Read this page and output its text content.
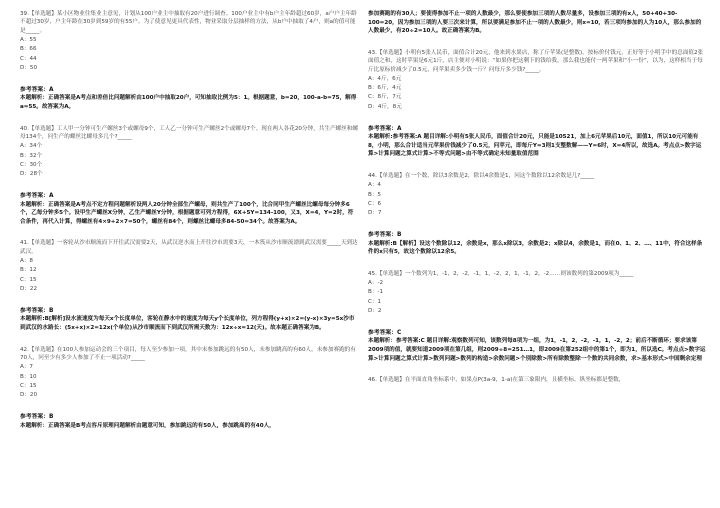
39.【单选题】某小区物业往集业主意见，计划从100户业主中抽取有20户进行调查。100户业主中有b户主年龄超过60岁，a户户主年龄不超过30岁，户主年龄在30岁到59岁的有55户。为了使意见更具代表性，物业采取分层抽样的方法，从b户中抽取了4户，则a的值可能是_____。
A：55
B：66
C：44
D：50
参考答案：A
本题解析：正确答案是A考点和差倍比问题解析由100户中抽取20户，可知抽取比例为5：1。根据题意，b=20，100-a-b=75，解得a=55。故答案为A。
40.【单选题】工人甲一分钟可生产螺丝3个或螺母9个，工人乙一分钟可生产螺丝2个或螺母7个。现在两人各花20分钟，共生产螺丝和螺母134个，问生产的螺丝比螺母多几个?_____
A：34个
B：32个
C：30个
D：28个
参考答案：A
本题解析：正确答案是A考点不定方程问题解析设两人20分钟全部生产螺母，则共生产了100个，比合同甲生产螺丝比螺母每分钟多6个，乙每分钟多5个。设甲生产螺丝X分钟，乙生产螺丝Y分钟，根据题意可列方程得，6X+5Y=134-100，又3，X=4，Y=2时，符合条件，再代入计算，得螺丝有4×9+2×7=50个，螺丝有84个，则螺丝比螺母多84-50=34个。故答案为A。
41.【单选题】一客轮从沙市顺流而下开往武汉需要2天，从武汉逆水而上开往沙市需要3天，一木筏从沙市顺流漂到武汉需要_____天到达武汉。
A：8
B：12
C：15
D：22
参考答案：B
本题解析:B[解析]设水流速度为每天x个长度单位，客轮在静水中的速度为每天y个长度单位，列方程得(y+x)×2=(y-x)×3y=5x沙市到武汉的水路长：(5x+x)×2=12x(个单位)从沙市顺流而下到武汉所需天数为：12x÷x=12(天)。故本题正确答案为B。
42.【单选题】在100人参加运动会的三个项目，每人至少参加一项，其中未参加跳远的有50人，未参加跳高的有60人，未参加赛跑的有70人，问至少有多少人参加了不止一项活动?_____
A：7
B：10
C：15
D：20
参考答案：B
本题解析：正确答案是B考点容斥原理问题解析由题意可知，参加跳远的有50人，参加跳高的有40人，
参加赛跑的有30人；要使得参加不止一项的人数最少，那么要使参加三项的人数尽量多，设参加三项的有x人，50+40+30-100=20，因为参加三项的人要三次来计算，所以要满足参加不止一项的人数最少，则x=10，若三项均参加的人为10人，那么参加的人数最少，有20÷2=10人。故正确答案为B。
43.【单选题】小明有5张人民币，面值合计20元，他来到水果店，称了斤苹果(是整数)，按标价付钱元，正好等于小明手中的总面值2张面值之和，这时苹果是6元1斤，店主便对小明说：“如果你把这剩下的钱给我，那么我也能付一两苹果和“小一份”，以为，这样相当于每斤比原标价减少了0.5元，问苹果卖多少钱一斤？问每斤多少钱?_____。
A：4斤，6元
B：6斤，4元
C：8斤，7元
D：4斤，8元
参考答案：A
本题解析:参考答案:A 题目详解:小明有5张人民币，面值合计20元，只能是10521，加上6元苹果后10元，面值1，所以10元可能有8，小明，那么合计适当元苹果价钱减少了0.5元，问苹元，即每斤Y=3则1支整数解——Y=6时，X=4所以，故选A。考点点>数字运算>计算问题之算式计算>不等式问题>由不等式确定未知量取值范围
44.【单选题】在一个数，除以3余数是2，除以4余数是1，问这个数除以12余数是几?_____
A：4
B：5
C：6
D：7
参考答案：B
本题解析:B【解析】设这个数除以12，余数是x，那么x除以3，余数是2；x除以4，余数是1，而在0、1、2、…、11中，符合这样条件的x只有5，故这个数除以12余5。
45.【单选题】一个数列为1，-1，2，-2，-1，1，-2，2，1，-1，2，-2……则该数列的第2009项为_____
A：-2
B：-1
C：1
D：2
参考答案：C
本题解析：参考答案:C 题目详解:观察数列可知，该数列每8项为一组，为1，-1，2，-2，-1，1，-2，2；前后不断循环；要求该第2009项的值，就要知道2009项在第几组，则2009÷8=251…1，即2009在第252组中的第1个，即为1，所以选C。考点点>数字运算>计算问题之算式计算>数列问题>数列的构造>余数问题>个别除数>所有除数整除一个数的共同余数，求>基本形式>中国剩余定理
46.【单选题】在平面直角坐标系中，如果点P(3a-9，1-a)在第三象限内，且横坐标、纵坐标都是整数，
